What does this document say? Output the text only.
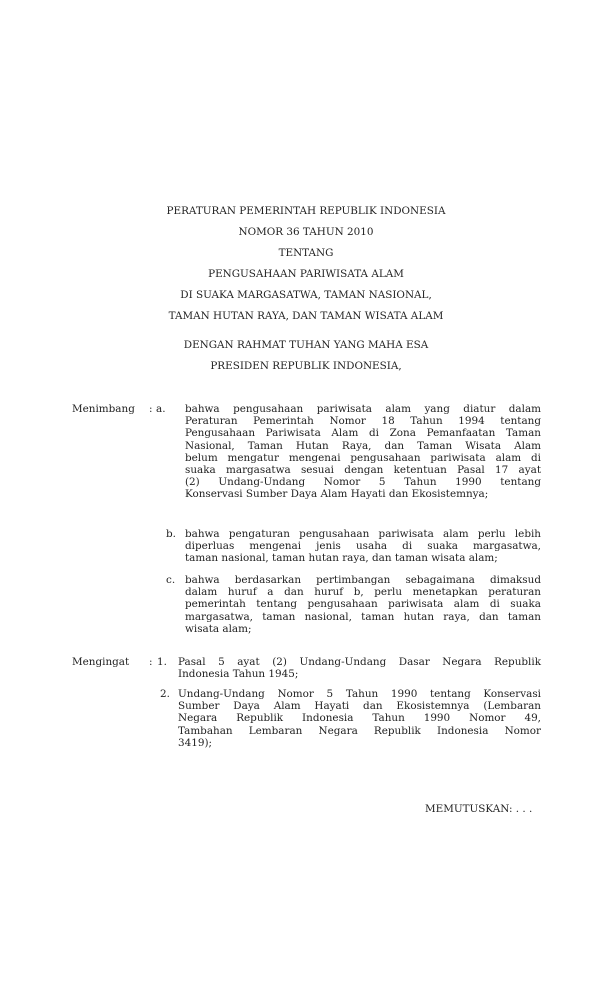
PERATURAN PEMERINTAH REPUBLIK INDONESIA
NOMOR 36 TAHUN 2010
TENTANG
PENGUSAHAAN PARIWISATA ALAM
DI SUAKA MARGASATWA, TAMAN NASIONAL,
TAMAN HUTAN RAYA, DAN TAMAN WISATA ALAM
DENGAN RAHMAT TUHAN YANG MAHA ESA
PRESIDEN REPUBLIK INDONESIA,
Menimbang : a. bahwa pengusahaan pariwisata alam yang diatur dalam
Peraturan Pemerintah Nomor 18 Tahun 1994 tentang
Pengusahaan Pariwisata Alam di Zona Pemanfaatan Taman
Nasional, Taman Hutan Raya, dan Taman Wisata Alam
belum mengatur mengenai pengusahaan pariwisata alam di
suaka margasatwa sesuai dengan ketentuan Pasal 17 ayat
(2) Undang-Undang Nomor 5 Tahun 1990 tentang
Konservasi Sumber Daya Alam Hayati dan Ekosistemnya;
b. bahwa pengaturan pengusahaan pariwisata alam perlu lebih
diperluas mengenai jenis usaha di suaka margasatwa,
taman nasional, taman hutan raya, dan taman wisata alam;
c. bahwa berdasarkan pertimbangan sebagaimana dimaksud
dalam huruf a dan huruf b, perlu menetapkan peraturan
pemerintah tentang pengusahaan pariwisata alam di suaka
margasatwa, taman nasional, taman hutan raya, dan taman
wisata alam;
Mengingat : 1. Pasal 5 ayat (2) Undang-Undang Dasar Negara Republik
Indonesia Tahun 1945;
2. Undang-Undang Nomor 5 Tahun 1990 tentang Konservasi
Sumber Daya Alam Hayati dan Ekosistemnya (Lembaran
Negara Republik Indonesia Tahun 1990 Nomor 49,
Tambahan Lembaran Negara Republik Indonesia Nomor
3419);
MEMUTUSKAN: . . .
